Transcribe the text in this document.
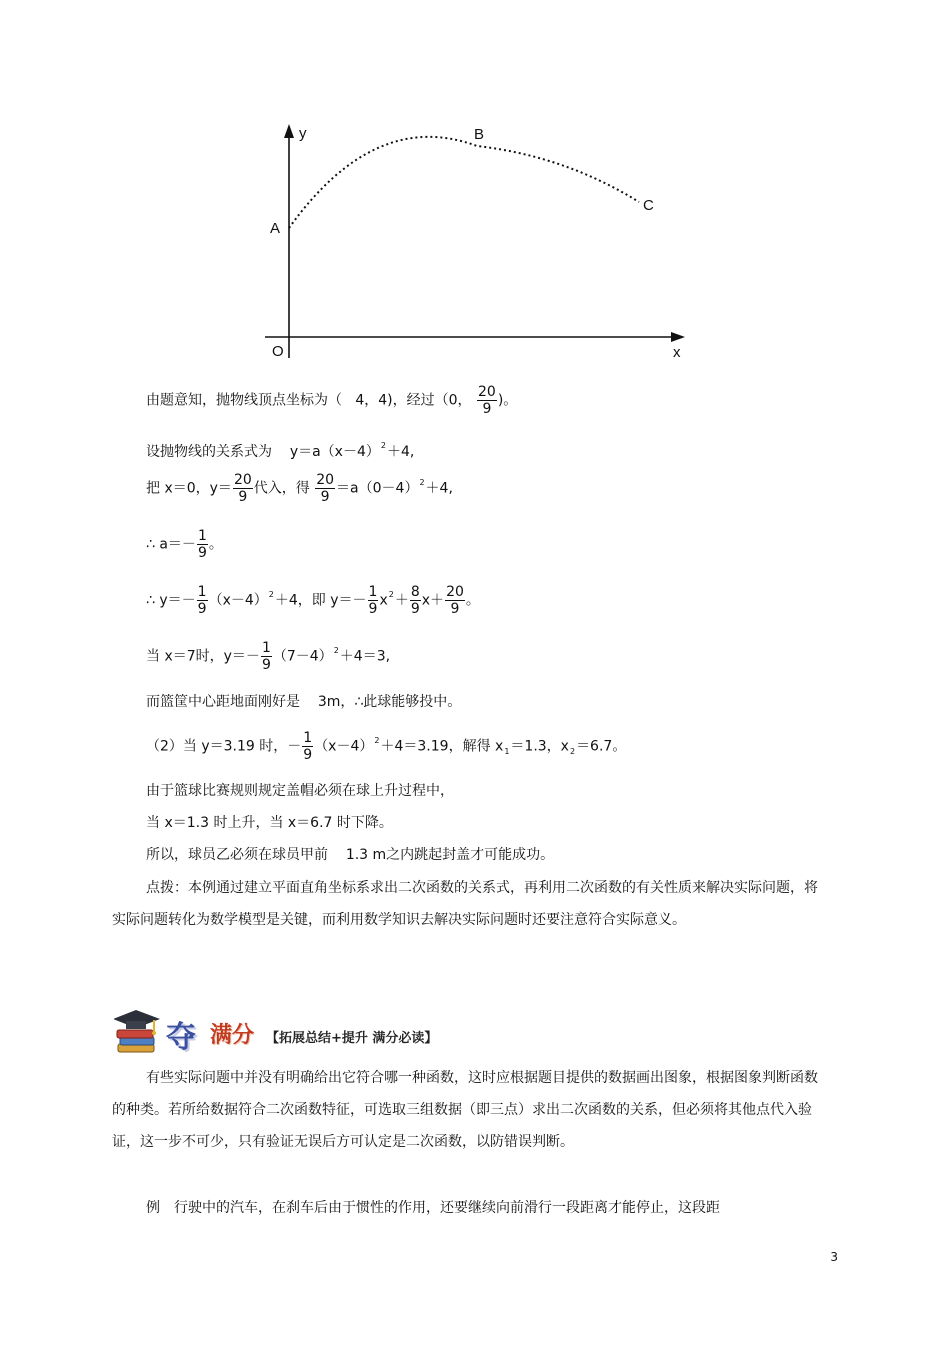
y
x
O
A
B
C
由题意知，抛物线顶点坐标为（ 4，4)，经过（0， $\frac{20}{9}$ )。
设抛物线的关系式为 $y=a(x-4)^2+4$,
把 x＝0，$y= \frac{20}{9}$ 代入，得 $\frac{20}{9} =a(0-4)^2+4$,
∴ $a=- \frac{1}{9}$ 。
∴ $y=- \frac{1}{9} (x-4)^2+4$，即 $y=- \frac{1}{9} x^2+ \frac{8}{9} x+ \frac{20}{9}$ 。
当 x＝7时，$y=- \frac{1}{9} (7-4)^2+4=3$,
而篮筐中心距地面刚好是 3m，∴此球能够投中。
（2）当 y＝3.19 时，－ $\frac{1}{9} (x-4)^2+4=3.19$，解得 $x_1=1.3$，$x_2=6.7$。
由于篮球比赛规则规定盖帽必须在球上升过程中，
当 x＝1.3 时上升，当 x＝6.7 时下降。
所以，球员乙必须在球员甲前 1.3 m之内跳起封盖才可能成功。
点拨：本例通过建立平面直角坐标系求出二次函数的关系式，再利用二次函数的有关性质来解决实际问题，将实际问题转化为数学模型是关键，而利用数学知识去解决实际问题时还要注意符合实际意义。
夺 满分 【拓展总结+提升 满分必读】
有些实际问题中并没有明确给出它符合哪一种函数，这时应根据题目提供的数据画出图象，根据图象判断函数的种类。若所给数据符合二次函数特征，可选取三组数据（即三点）求出二次函数的关系，但必须将其他点代入验证，这一步不可少，只有验证无误后方可认定是二次函数，以防错误判断。
例　行驶中的汽车，在刹车后由于惯性的作用，还要继续向前滑行一段距离才能停止，这段距
3
